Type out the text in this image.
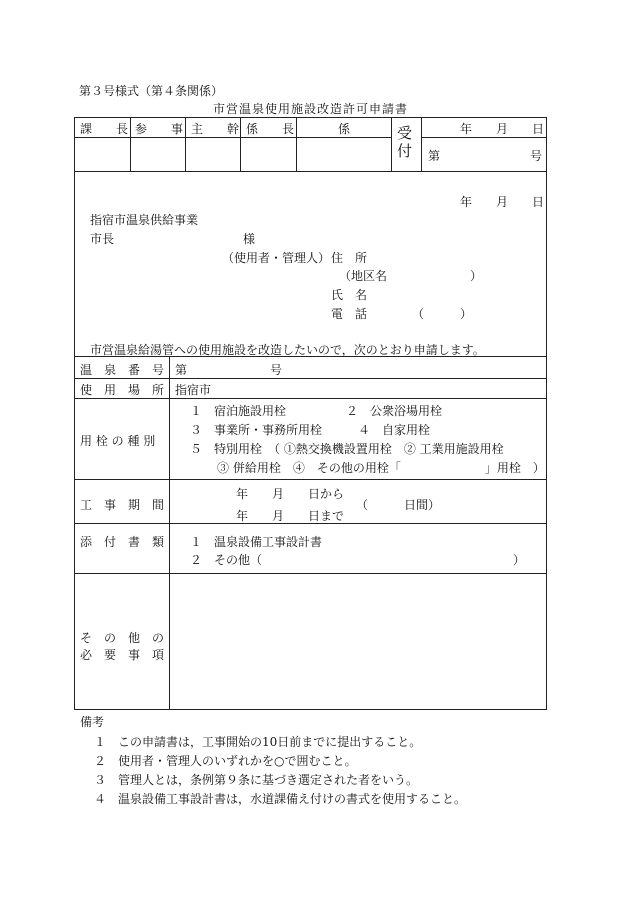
第３号様式（第４条関係）
市営温泉使用施設改造許可申請書
課　　長 参　　事 主　　幹 係　　長	係	受付
年　　月　　日
第	号
年　　月　　日
指宿市温泉供給事業
市長	様
（使用者・管理人） 住　所
（地区名	）
氏　名
電　話	（　　　）
市営温泉給湯管への使用施設を改造したいので，次のとおり申請します。
温　泉　番　号 第	号
使　用　場　所 指宿市
用 栓 の 種 別
１　宿泊施設用栓　　　　　２　公衆浴場用栓
３　事業所・事務所用栓　　　４　自家用栓
５　特別用栓　（ ①熱交換機設置用栓　② 工業用施設用栓
③ 併給用栓　④　その他の用栓「　　　　　　　」用栓　）
工　事　期　間
年　　月　　日から
年　　月　　日まで
（　　　日間）
添　付　書　類 １　温泉設備工事設計書
２　その他（	）
そ　の　他　の
必　要　事　項
備考
１　この申請書は，工事開始の10日前までに提出すること。
２　使用者・管理人のいずれかを○で囲むこと。
３　管理人とは，条例第９条に基づき選定された者をいう。
４　温泉設備工事設計書は，水道課備え付けの書式を使用すること。
